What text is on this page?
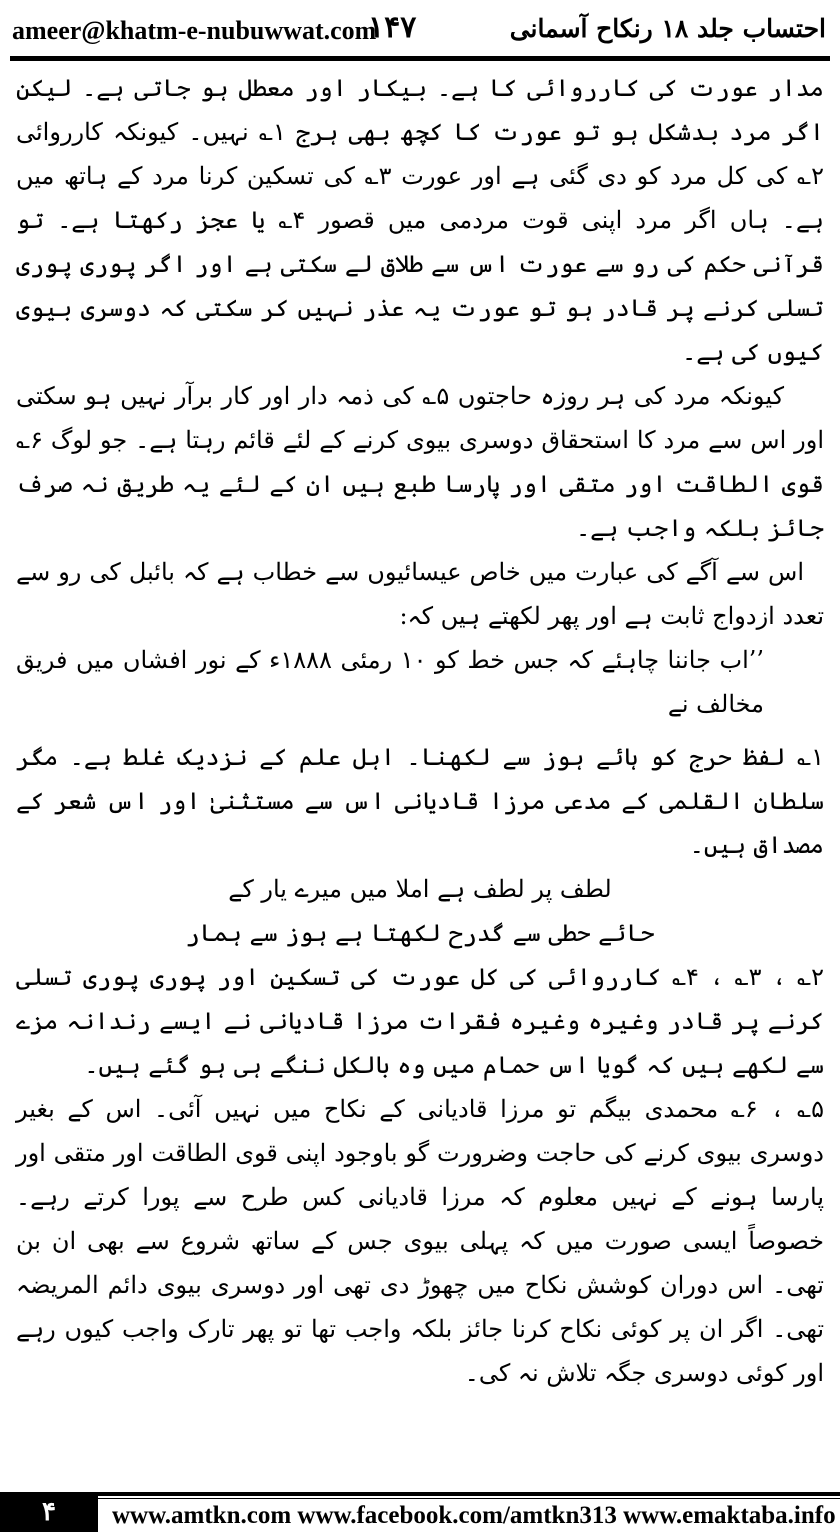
ameer@khatm-e-nubuwwat.com
۱۴۷	احتساب جلد ۱۸ رنکاح آسمانی

مدار عورت کی کارروائی کا ہے۔ بیکار اور معطل ہو جاتی ہے۔ لیکن اگر مرد بدشکل ہو تو عورت کا کچھ بھی ہرج ۱؎ نہیں۔ کیونکہ کارروائی ۲؎ کی کل مرد کو دی گئی ہے اور عورت ۳؎ کی تسکین کرنا مرد کے ہاتھ میں ہے۔ ہاں اگر مرد اپنی قوت مردمی میں قصور ۴؎ یا عجز رکھتا ہے۔ تو قرآنی حکم کی رو سے عورت اس سے طلاق لے سکتی ہے اور اگر پوری پوری تسلی کرنے پر قادر ہو تو عورت یہ عذر نہیں کر سکتی کہ دوسری بیوی کیوں کی ہے۔

کیونکہ مرد کی ہر روزہ حاجتوں ۵؎ کی ذمہ دار اور کار برآر نہیں ہو سکتی اور اس سے مرد کا استحقاق دوسری بیوی کرنے کے لئے قائم رہتا ہے۔ جو لوگ ۶؎ قوی الطاقت اور متقی اور پارسا طبع ہیں ان کے لئے یہ طریق نہ صرف جائز بلکہ واجب ہے۔

اس سے آگے کی عبارت میں خاص عیسائیوں سے خطاب ہے کہ بائبل کی رو سے تعدد ازدواج ثابت ہے اور پھر لکھتے ہیں کہ:

’’اب جاننا چاہئے کہ جس خط کو ۱۰ رمئی ۱۸۸۸ء کے نور افشاں میں فریق مخالف نے

۱؎ لفظ حرج کو ہائے ہوز سے لکھنا۔ اہل علم کے نزدیک غلط ہے۔ مگر سلطان القلمی کے مدعی مرزا قادیانی اس سے مستثنیٰ اور اس شعر کے مصداق ہیں۔

لطف پر لطف ہے املا میں میرے یار کے

حائے حطی سے گدرح لکھتا ہے ہوز سے ہمار

۲؎ ، ۳؎ ، ۴؎ کارروائی کی کل عورت کی تسکین اور پوری پوری تسلی کرنے پر قادر وغیرہ وغیرہ فقرات مرزا قادیانی نے ایسے رندانہ مزے سے لکھے ہیں کہ گویا اس حمام میں وہ بالکل ننگے ہی ہو گئے ہیں۔

۵؎ ، ۶؎ محمدی بیگم تو مرزا قادیانی کے نکاح میں نہیں آئی۔ اس کے بغیر دوسری بیوی کرنے کی حاجت وضرورت گو باوجود اپنی قوی الطاقت اور متقی اور پارسا ہونے کے نہیں معلوم کہ مرزا قادیانی کس طرح سے پورا کرتے رہے۔ خصوصاً ایسی صورت میں کہ پہلی بیوی جس کے ساتھ شروع سے بھی ان بن تھی۔ اس دوران کوشش نکاح میں چھوڑ دی تھی اور دوسری بیوی دائم المریضہ تھی۔ اگر ان پر کوئی نکاح کرنا جائز بلکہ واجب تھا تو پھر تارک واجب کیوں رہے اور کوئی دوسری جگہ تلاش نہ کی۔

۴	www.amtkn.com www.facebook.com/amtkn313 www.emaktaba.info
